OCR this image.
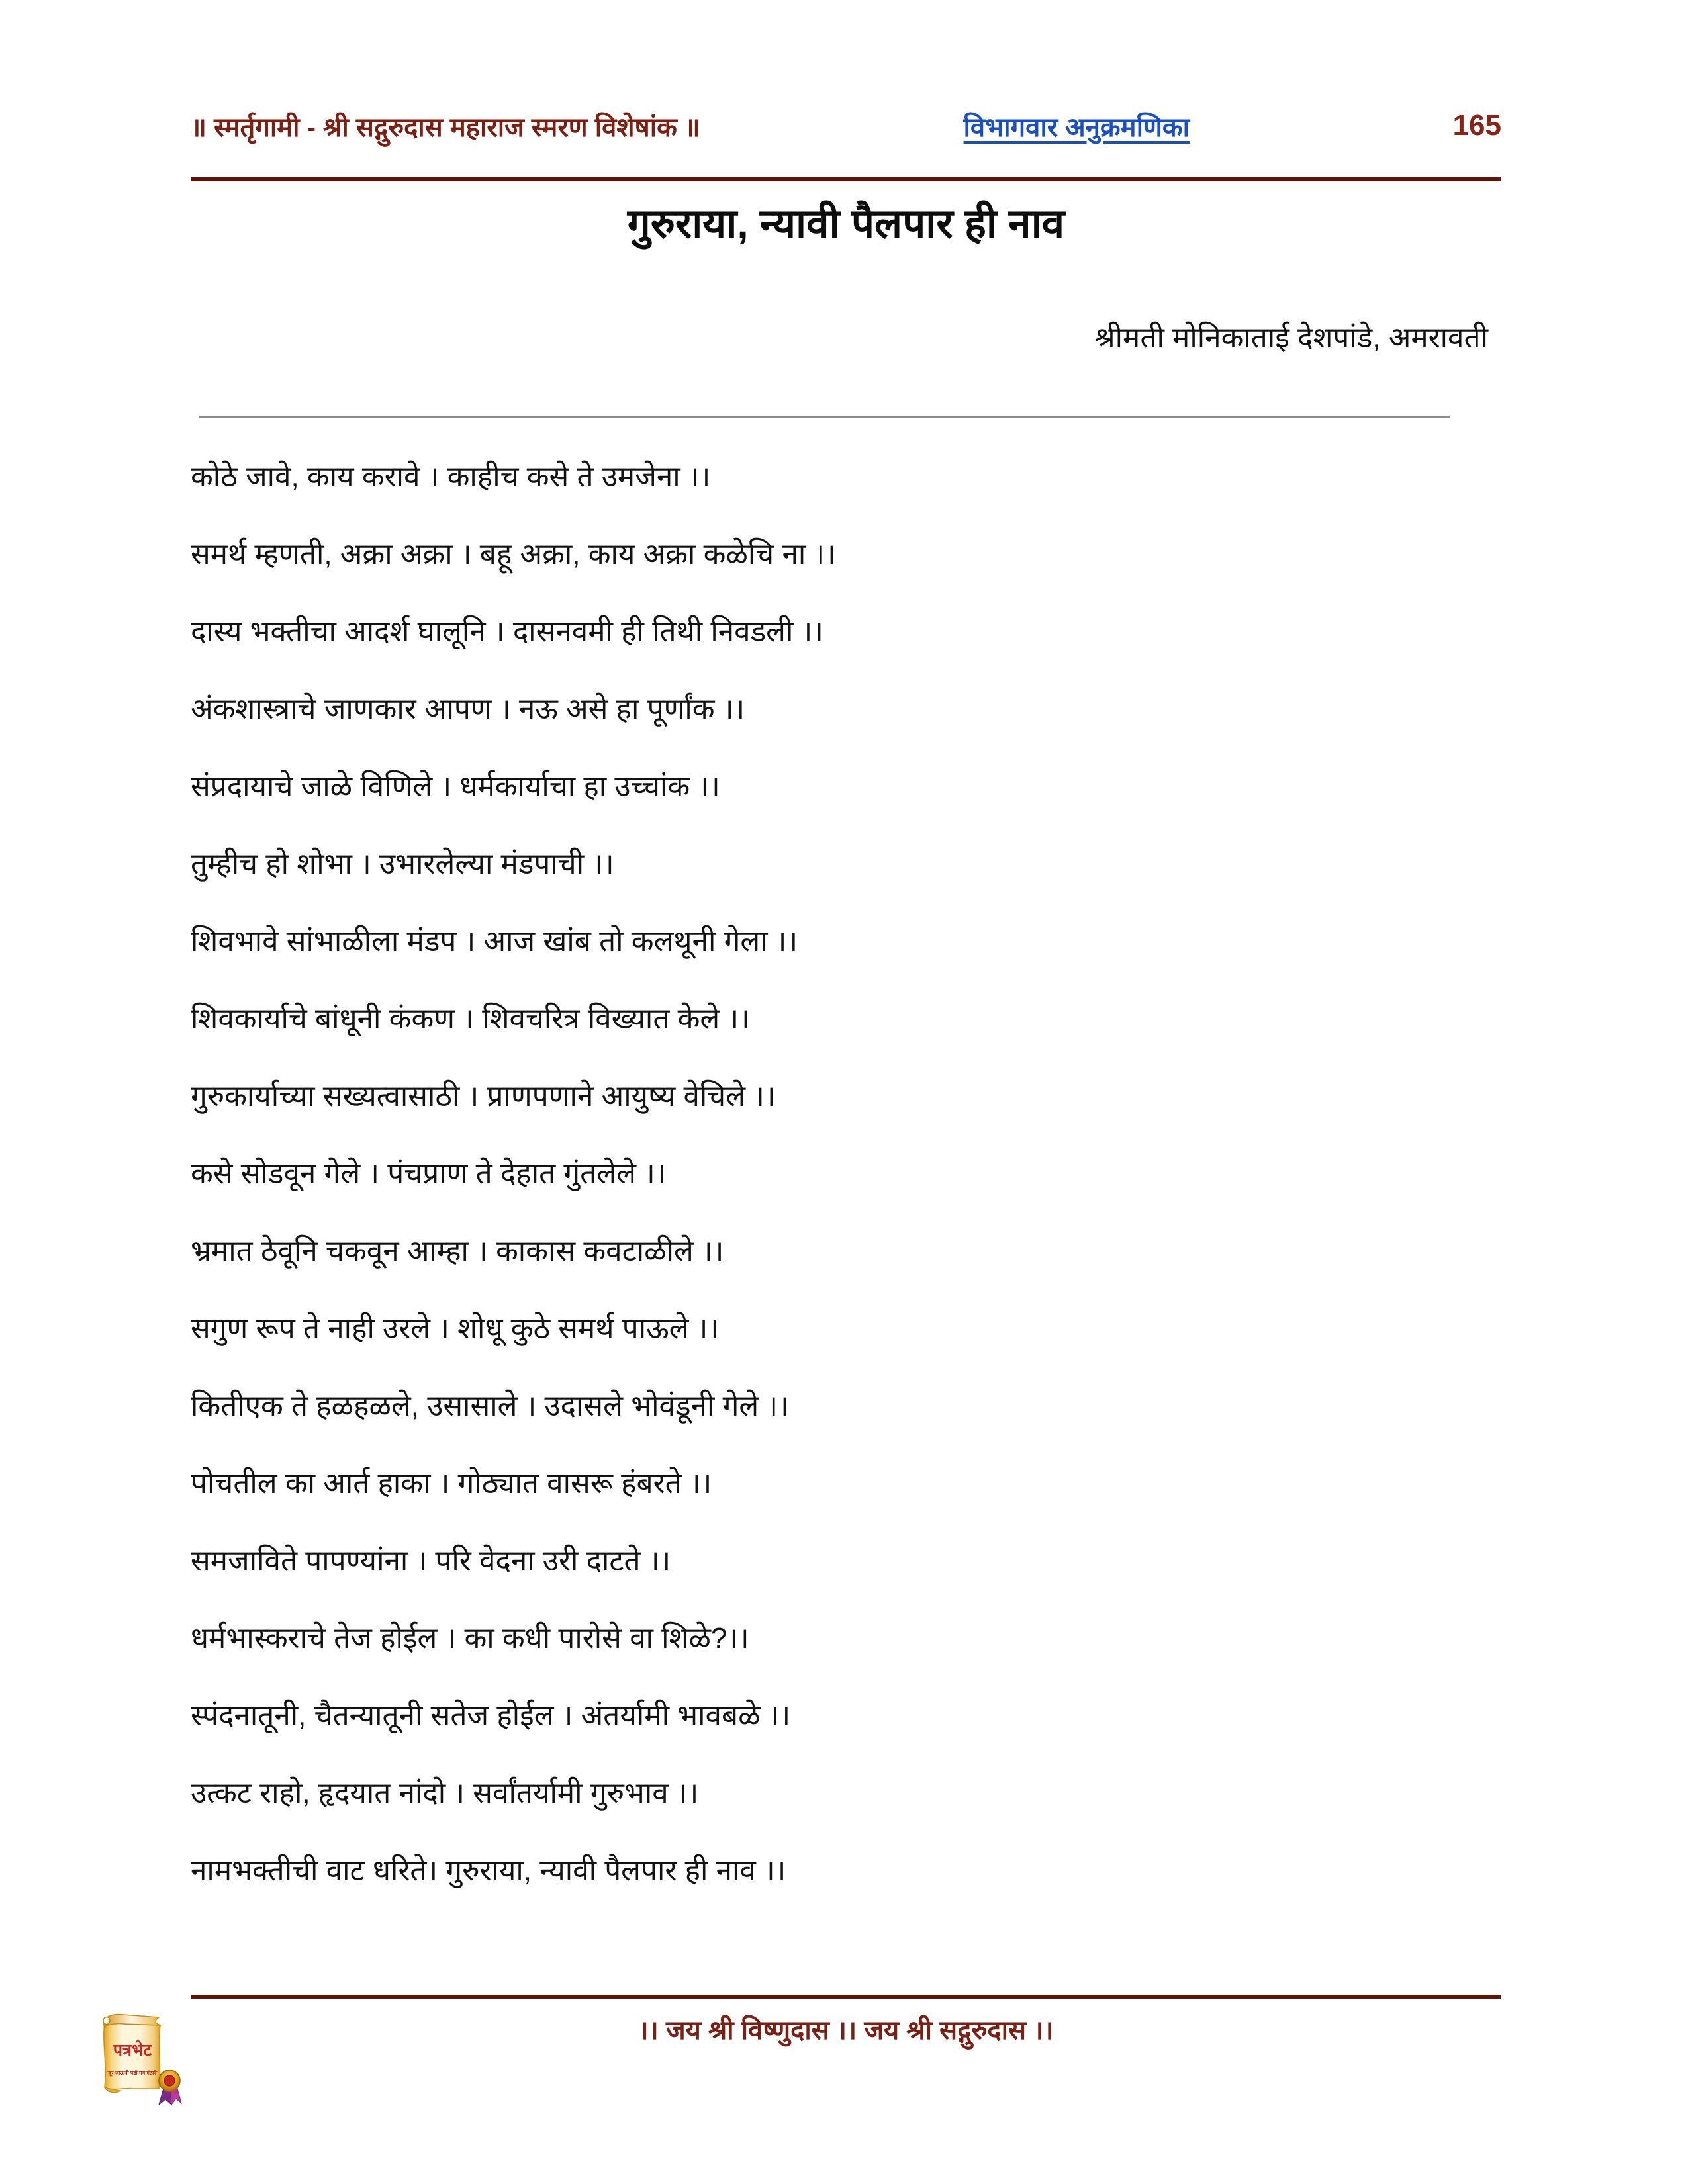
॥ स्मर्तृगामी - श्री सद्गुरुदास महाराज स्मरण विशेषांक ॥	विभागवार अनुक्रमणिका	165
गुरुराया, न्यावी पैलपार ही नाव
श्रीमती मोनिकाताई देशपांडे, अमरावती
कोठे जावे, काय करावे । काहीच कसे ते उमजेना ।।
समर्थ म्हणती, अक्रा अक्रा । बहू अक्रा, काय अक्रा कळेचि ना ।।
दास्य भक्तीचा आदर्श घालूनि । दासनवमी ही तिथी निवडली ।।
अंकशास्त्राचे जाणकार आपण । नऊ असे हा पूर्णांक ।।
संप्रदायाचे जाळे विणिले । धर्मकार्याचा हा उच्चांक ।।
तुम्हीच हो शोभा । उभारलेल्या मंडपाची ।।
शिवभावे सांभाळीला मंडप । आज खांब तो कलथूनी गेला ।।
शिवकार्याचे बांधूनी कंकण । शिवचरित्र विख्यात केले ।।
गुरुकार्याच्या सख्यत्वासाठी । प्राणपणाने आयुष्य वेचिले ।।
कसे सोडवून गेले । पंचप्राण ते देहात गुंतलेले ।।
भ्रमात ठेवूनि चकवून आम्हा । काकास कवटाळीले ।।
सगुण रूप ते नाही उरले । शोधू कुठे समर्थ पाऊले ।।
कितीएक ते हळहळले, उसासाले । उदासले भोवंडूनी गेले ।।
पोचतील का आर्त हाका । गोठ्यात वासरू हंबरते ।।
समजाविते पापण्यांना । परि वेदना उरी दाटते ।।
धर्मभास्कराचे तेज होईल । का कधी पारोसे वा शिळे?।।
स्पंदनातूनी, चैतन्यातूनी सतेज होईल । अंतर्यामी भावबळे ।।
उत्कट राहो, हृदयात नांदो । सर्वांतर्यामी गुरुभाव ।।
नामभक्तीची वाट धरिते। गुरुराया, न्यावी पैलपार ही नाव ।।
।। जय श्री विष्णुदास ।। जय श्री सद्गुरुदास ।।
पत्रभेट
"दूर जाऊनी पडो मग गंठारे"
